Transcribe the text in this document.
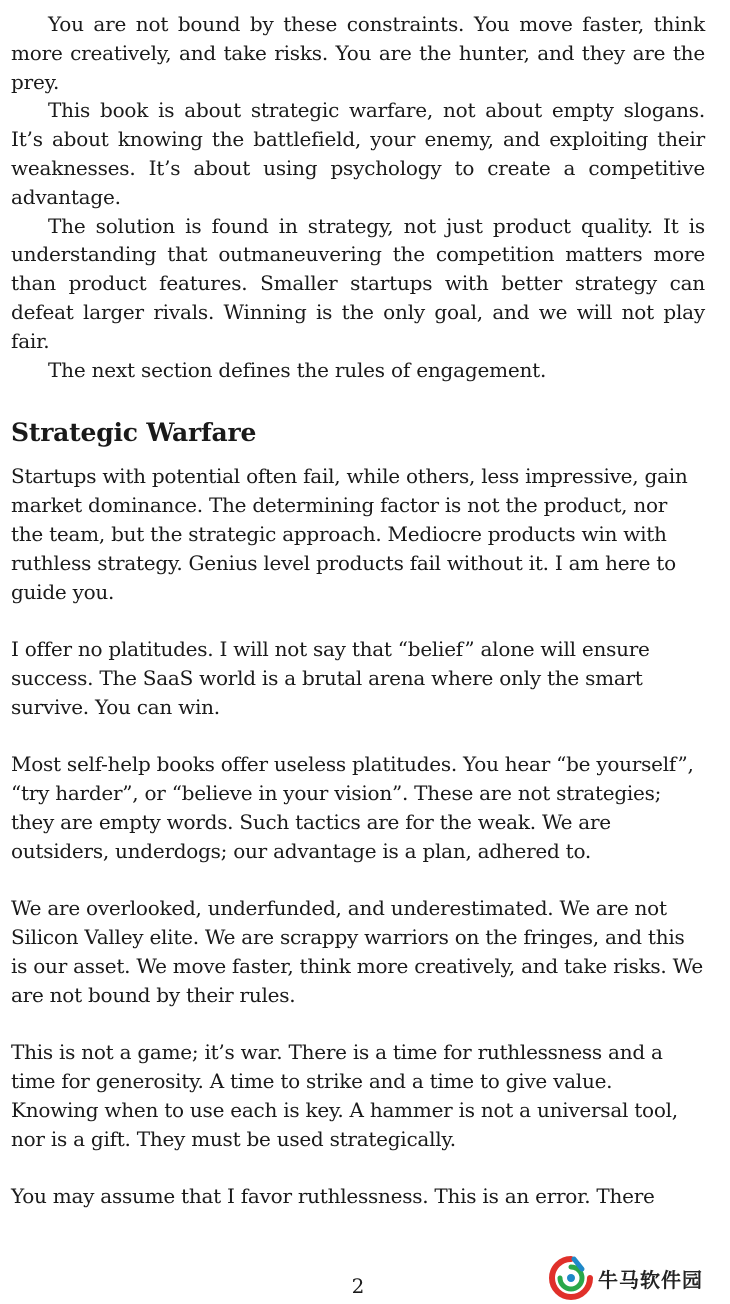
You are not bound by these constraints. You move faster, think more creatively, and take risks. You are the hunter, and they are the prey.

This book is about strategic warfare, not about empty slogans. It’s about knowing the battlefield, your enemy, and exploiting their weaknesses. It’s about using psychology to create a competitive advantage.

The solution is found in strategy, not just product quality. It is understanding that outmaneuvering the competition matters more than product features. Smaller startups with better strategy can defeat larger rivals. Winning is the only goal, and we will not play fair.

The next section defines the rules of engagement.

Strategic Warfare

Startups with potential often fail, while others, less impressive, gain market dominance. The determining factor is not the product, nor the team, but the strategic approach. Mediocre products win with ruthless strategy. Genius level products fail without it. I am here to guide you.

I offer no platitudes. I will not say that “belief” alone will ensure success. The SaaS world is a brutal arena where only the smart survive. You can win.

Most self-help books offer useless platitudes. You hear “be yourself”, “try harder”, or “believe in your vision”. These are not strategies; they are empty words. Such tactics are for the weak. We are outsiders, underdogs; our advantage is a plan, adhered to.

We are overlooked, underfunded, and underestimated. We are not Silicon Valley elite. We are scrappy warriors on the fringes, and this is our asset. We move faster, think more creatively, and take risks. We are not bound by their rules.

This is not a game; it’s war. There is a time for ruthlessness and a time for generosity. A time to strike and a time to give value. Knowing when to use each is key. A hammer is not a universal tool, nor is a gift. They must be used strategically.

You may assume that I favor ruthlessness. This is an error. There

2	牛马软件园
